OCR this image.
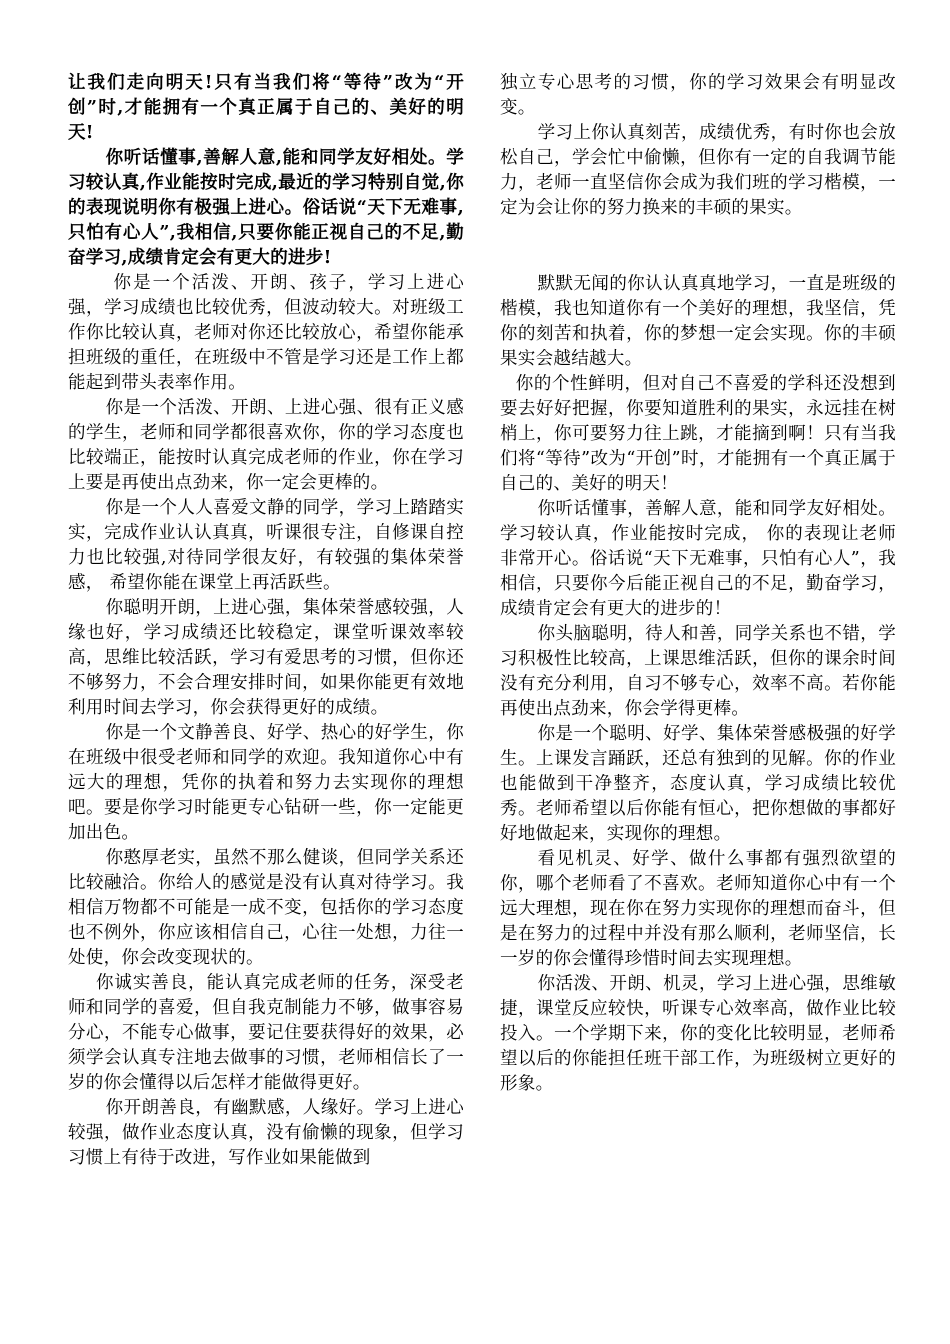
让我们走向明天!只有当我们将“等待”改为“开创”时,才能拥有一个真正属于自己的、美好的明天!

你听话懂事,善解人意,能和同学友好相处。学习较认真,作业能按时完成,最近的学习特别自觉,你的表现说明你有极强上进心。俗话说“天下无难事,只怕有心人”,我相信,只要你能正视自己的不足,勤奋学习,成绩肯定会有更大的进步!

你是一个活泼、开朗、孩子，学习上进心强，学习成绩也比较优秀，但波动较大。对班级工作你比较认真，老师对你还比较放心，希望你能承担班级的重任，在班级中不管是学习还是工作上都能起到带头表率作用。

你是一个活泼、开朗、上进心强、很有正义感的学生，老师和同学都很喜欢你，你的学习态度也比较端正，能按时认真完成老师的作业，你在学习上要是再使出点劲来，你一定会更棒的。

你是一个人人喜爱文静的同学，学习上踏踏实实，完成作业认认真真，听课很专注，自修课自控力也比较强,对待同学很友好，有较强的集体荣誉感， 希望你能在课堂上再活跃些。

你聪明开朗，上进心强，集体荣誉感较强，人缘也好，学习成绩还比较稳定，课堂听课效率较高，思维比较活跃，学习有爱思考的习惯，但你还不够努力，不会合理安排时间，如果你能更有效地利用时间去学习，你会获得更好的成绩。

你是一个文静善良、好学、热心的好学生，你在班级中很受老师和同学的欢迎。我知道你心中有远大的理想，凭你的执着和努力去实现你的理想吧。要是你学习时能更专心钻研一些，你一定能更加出色。

你憨厚老实，虽然不那么健谈，但同学关系还比较融洽。你给人的感觉是没有认真对待学习。我相信万物都不可能是一成不变，包括你的学习态度也不例外，你应该相信自己，心往一处想，力往一处使，你会改变现状的。

你诚实善良，能认真完成老师的任务，深受老师和同学的喜爱，但自我克制能力不够，做事容易分心，不能专心做事，要记住要获得好的效果，必须学会认真专注地去做事的习惯，老师相信长了一岁的你会懂得以后怎样才能做得更好。

你开朗善良，有幽默感，人缘好。学习上进心较强，做作业态度认真，没有偷懒的现象，但学习习惯上有待于改进，写作业如果能做到

独立专心思考的习惯，你的学习效果会有明显改变。

学习上你认真刻苦，成绩优秀，有时你也会放松自己，学会忙中偷懒，但你有一定的自我调节能力，老师一直坚信你会成为我们班的学习楷模，一定为会让你的努力换来的丰硕的果实。

默默无闻的你认认真真地学习，一直是班级的楷模，我也知道你有一个美好的理想，我坚信，凭你的刻苦和执着，你的梦想一定会实现。你的丰硕果实会越结越大。

你的个性鲜明，但对自己不喜爱的学科还没想到要去好好把握，你要知道胜利的果实，永远挂在树梢上，你可要努力往上跳，才能摘到啊！只有当我们将“等待”改为“开创”时，才能拥有一个真正属于自己的、美好的明天！

你听话懂事，善解人意，能和同学友好相处。学习较认真，作业能按时完成， 你的表现让老师非常开心。俗话说“天下无难事，只怕有心人”，我相信，只要你今后能正视自己的不足，勤奋学习，成绩肯定会有更大的进步的！

你头脑聪明，待人和善，同学关系也不错，学习积极性比较高，上课思维活跃，但你的课余时间没有充分利用，自习不够专心，效率不高。若你能再使出点劲来，你会学得更棒。

你是一个聪明、好学、集体荣誉感极强的好学生。上课发言踊跃，还总有独到的见解。你的作业也能做到干净整齐，态度认真，学习成绩比较优秀。老师希望以后你能有恒心，把你想做的事都好好地做起来，实现你的理想。

看见机灵、好学、做什么事都有强烈欲望的你，哪个老师看了不喜欢。老师知道你心中有一个远大理想，现在你在努力实现你的理想而奋斗，但是在努力的过程中并没有那么顺利，老师坚信，长一岁的你会懂得珍惜时间去实现理想。

你活泼、开朗、机灵，学习上进心强，思维敏捷，课堂反应较快，听课专心效率高，做作业比较投入。一个学期下来，你的变化比较明显，老师希望以后的你能担任班干部工作，为班级树立更好的形象。
